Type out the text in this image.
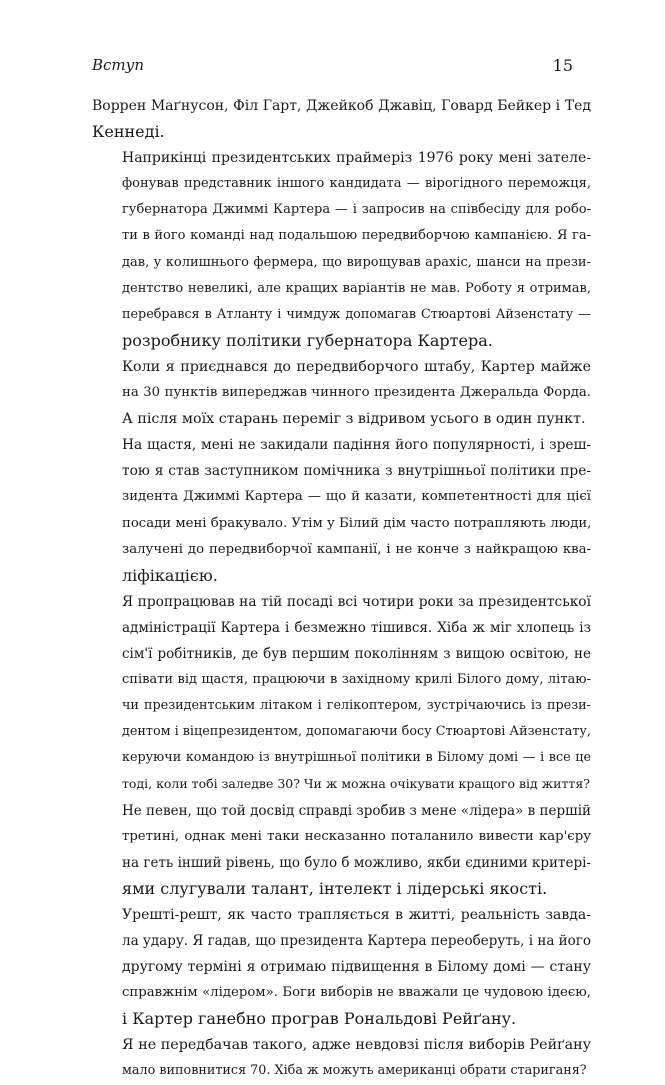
Вступ	15

Воррен Маґнусон, Філ Гарт, Джейкоб Джавіц, Говард Бейкер і Тед
Кеннеді.

Наприкінці президентських праймеріз 1976 року мені зателе-
фонував представник іншого кандидата — вірогідного переможця,
губернатора Джиммі Картера — і запросив на співбесіду для робо-
ти в його команді над подальшою передвиборчою кампанією. Я га-
дав, у колишнього фермера, що вирощував арахіс, шанси на прези-
дентство невеликі, але кращих варіантів не мав. Роботу я отримав,
перебрався в Атланту і чимдуж допомагав Стюартові Айзенстату —
розробнику політики губернатора Картера.

Коли я приєднався до передвиборчого штабу, Картер майже
на 30 пунктів випереджав чинного президента Джеральда Форда.
А після моїх старань переміг з відривом усього в один пункт.

На щастя, мені не закидали падіння його популярності, і зреш-
тою я став заступником помічника з внутрішньої політики пре-
зидента Джиммі Картера — що й казати, компетентності для цієї
посади мені бракувало. Утім у Білий дім часто потрапляють люди,
залучені до передвиборчої кампанії, і не конче з найкращою ква-
ліфікацією.

Я пропрацював на тій посаді всі чотири роки за президентської
адміністрації Картера і безмежно тішився. Хіба ж міг хлопець із
сім'ї робітників, де був першим поколінням з вищою освітою, не
співати від щастя, працюючи в західному крилі Білого дому, літаю-
чи президентським літаком і гелікоптером, зустрічаючись із прези-
дентом і віцепрезидентом, допомагаючи босу Стюартові Айзенстату,
керуючи командою із внутрішньої політики в Білому домі — і все це
тоді, коли тобі заледве 30? Чи ж можна очікувати кращого від життя?

Не певен, що той досвід справді зробив з мене «лідера» в першій
третині, однак мені таки несказанно поталанило вивести кар'єру
на геть інший рівень, що було б можливо, якби єдиними критері-
ями слугували талант, інтелект і лідерські якості.

Урешті-решт, як часто трапляється в житті, реальність завда-
ла удару. Я гадав, що президента Картера переоберуть, і на його
другому терміні я отримаю підвищення в Білому домі — стану
справжнім «лідером». Боги виборів не вважали це чудовою ідеєю,
і Картер ганебно програв Рональдові Рейґану.

Я не передбачав такого, адже невдовзі після виборів Рейґану
мало виповнитися 70. Хіба ж можуть американці обрати стариганя?
